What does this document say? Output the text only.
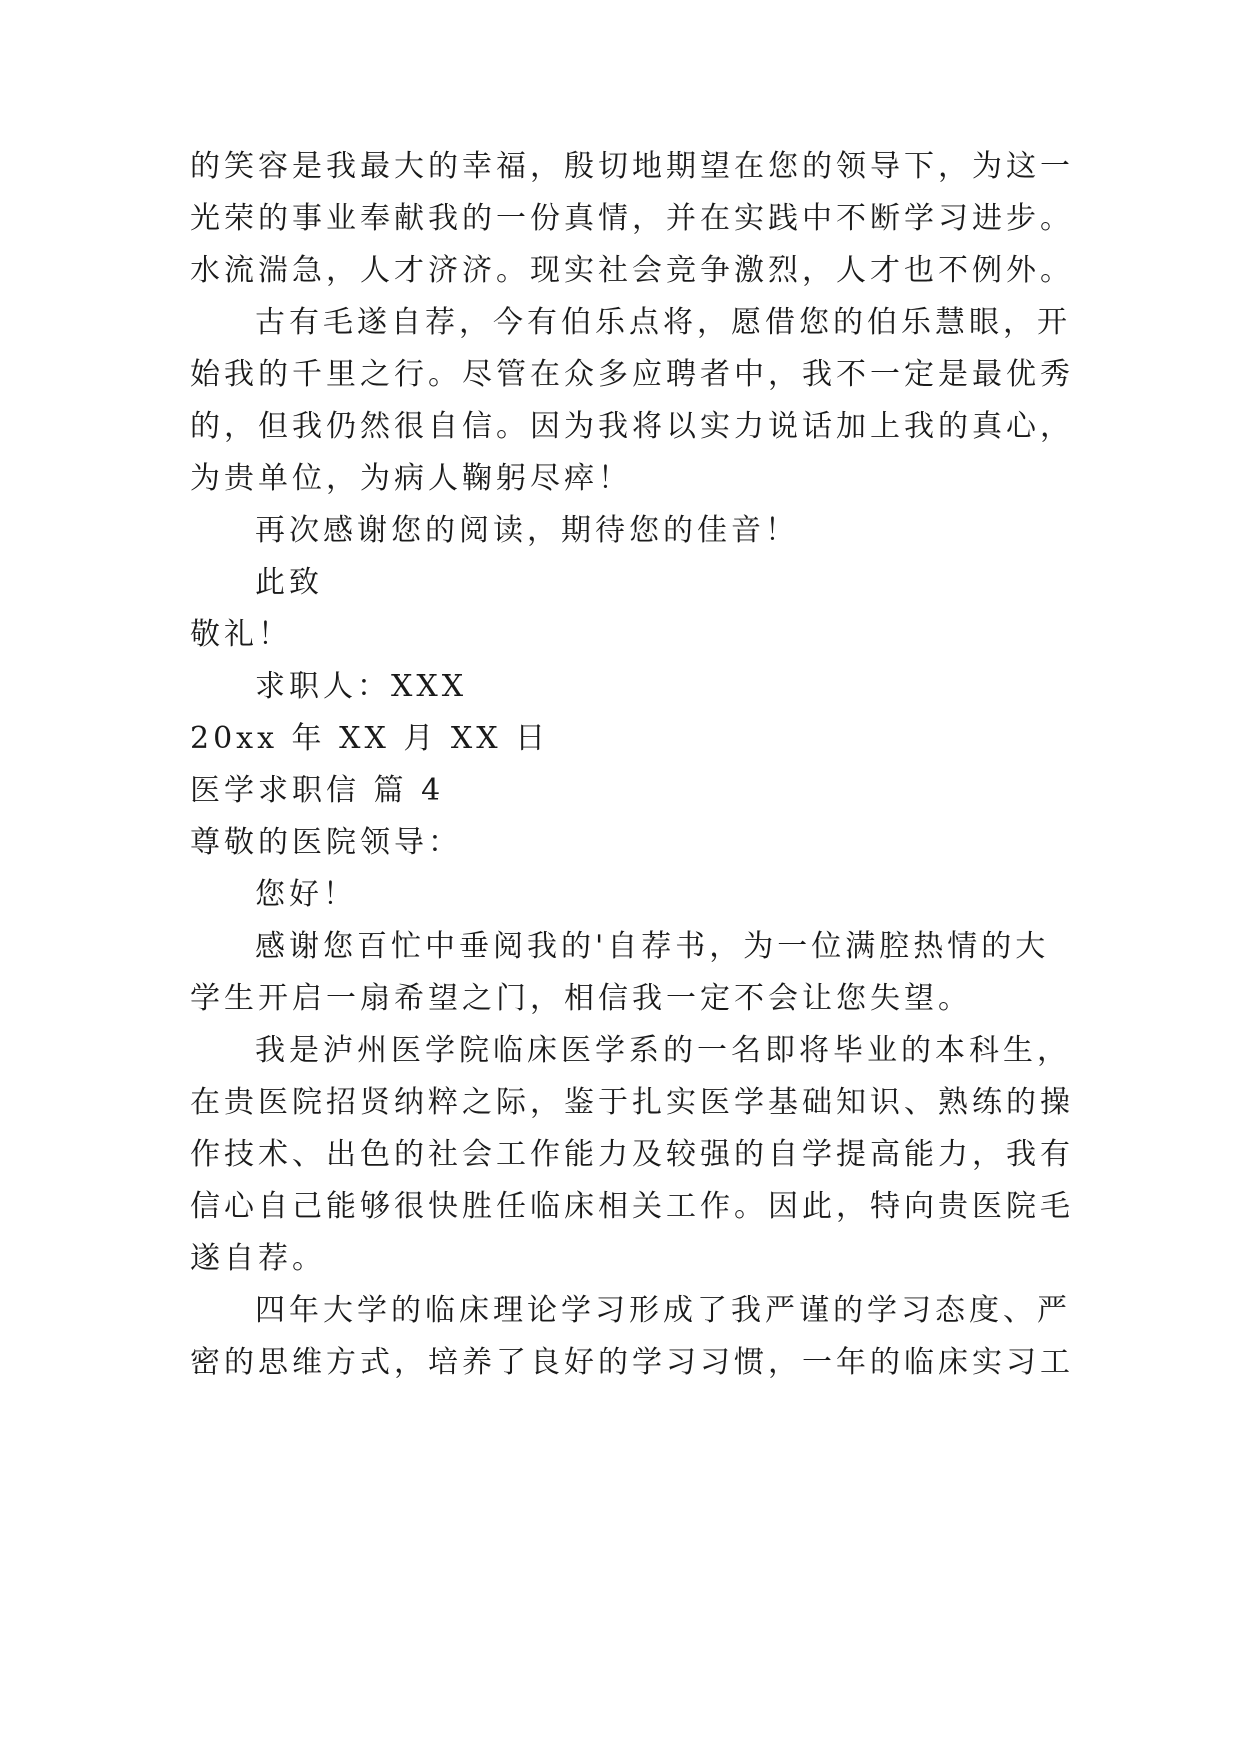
的笑容是我最大的幸福，殷切地期望在您的领导下，为这一
光荣的事业奉献我的一份真情，并在实践中不断学习进步。
水流湍急，人才济济。现实社会竞争激烈，人才也不例外。
古有毛遂自荐，今有伯乐点将，愿借您的伯乐慧眼，开
始我的千里之行。尽管在众多应聘者中，我不一定是最优秀
的，但我仍然很自信。因为我将以实力说话加上我的真心，
为贵单位，为病人鞠躬尽瘁！
再次感谢您的阅读，期待您的佳音！
此致
敬礼！
求职人：XXX
20xx 年 XX 月 XX 日
医学求职信 篇 4
尊敬的医院领导：
您好！
感谢您百忙中垂阅我的'自荐书，为一位满腔热情的大
学生开启一扇希望之门，相信我一定不会让您失望。
我是泸州医学院临床医学系的一名即将毕业的本科生，
在贵医院招贤纳粹之际，鉴于扎实医学基础知识、熟练的操
作技术、出色的社会工作能力及较强的自学提高能力，我有
信心自己能够很快胜任临床相关工作。因此，特向贵医院毛
遂自荐。
四年大学的临床理论学习形成了我严谨的学习态度、严
密的思维方式，培养了良好的学习习惯，一年的临床实习工
